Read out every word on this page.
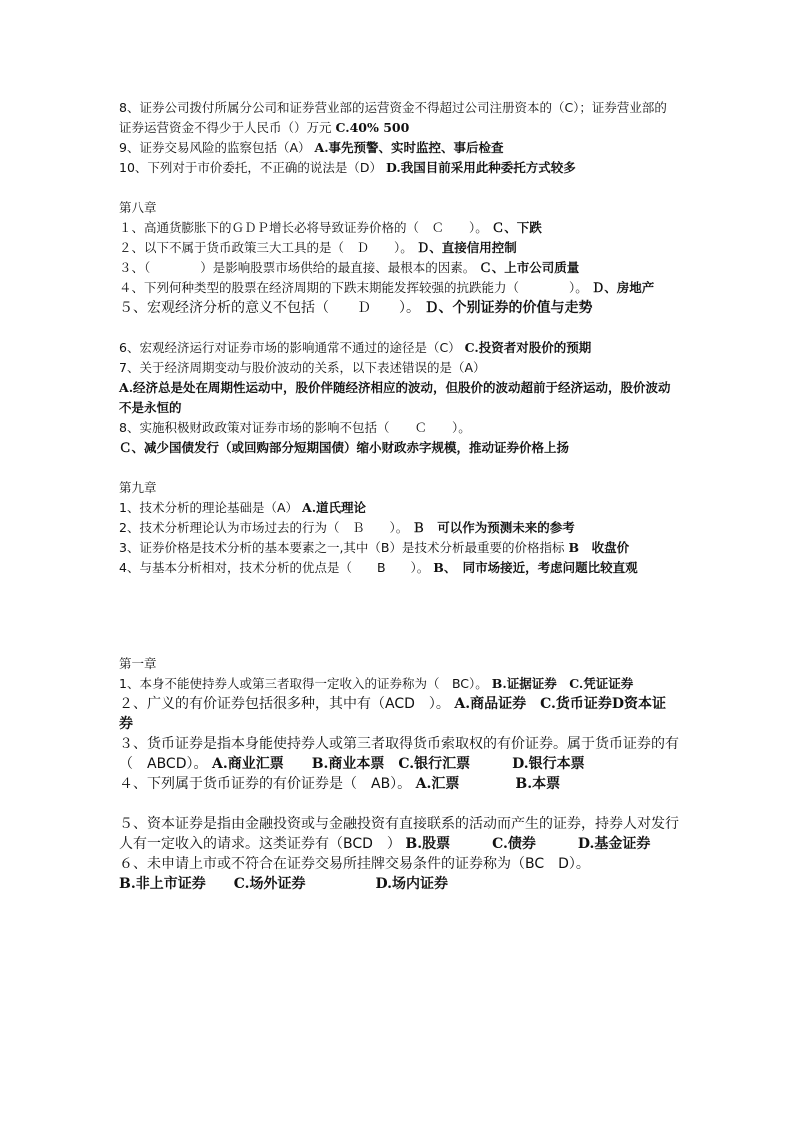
8、证券公司拨付所属分公司和证券营业部的运营资金不得超过公司注册资本的（C）；证券营业部的证券运营资金不得少于人民币（）万元 C.40% 500

9、证券交易风险的监察包括（A） A.事先预警、实时监控、事后检查

10、下列对于市价委托，不正确的说法是（D） D.我国目前采用此种委托方式较多

第八章

１、高通货膨胀下的ＧＤＰ增长必将导致证券价格的（　Ｃ　　）。 Ｃ、下跌

２、以下不属于货币政策三大工具的是（　Ｄ　　）。 Ｄ、直接信用控制

３、（　　　　）是影响股票市场供给的最直接、最根本的因素。 Ｃ、上市公司质量

４、下列何种类型的股票在经济周期的下跌末期能发挥较强的抗跌能力（　　　　）。 Ｄ、房地产

５、宏观经济分析的意义不包括（　　Ｄ　　）。 Ｄ、个别证券的价值与走势

6、宏观经济运行对证券市场的影响通常不通过的途径是（C） C.投资者对股价的预期

7、关于经济周期变动与股价波动的关系，以下表述错误的是（A）

A.经济总是处在周期性运动中，股价伴随经济相应的波动，但股价的波动超前于经济运动，股价波动不是永恒的

8、实施积极财政政策对证券市场的影响不包括（　　Ｃ　　）。

Ｃ、减少国债发行（或回购部分短期国债）缩小财政赤字规模，推动证券价格上扬

第九章

1、技术分析的理论基础是（A） A.道氏理论

2、技术分析理论认为市场过去的行为（　Ｂ　　）。 Ｂ　可以作为预测未来的参考

3、证券价格是技术分析的基本要素之一,其中（B）是技术分析最重要的价格指标 B　收盘价

4、与基本分析相对，技术分析的优点是（　　B　　）。 B、　同市场接近，考虑问题比较直观

第一章

1、本身不能使持券人或第三者取得一定收入的证券称为（　BC）。 B.证据证券　C.凭证证券

２、广义的有价证券包括很多种，其中有（ACD　）。 A.商品证券　C.货币证券D资本证券

３、货币证券是指本身能使持券人或第三者取得货币索取权的有价证券。属于货币证券的有（　ABCD）。 A.商业汇票　　B.商业本票　C.银行汇票　　　D.银行本票

４、下列属于货币证券的有价证券是（　AB）。 A.汇票　　　　B.本票

５、资本证券是指由金融投资或与金融投资有直接联系的活动而产生的证券，持券人对发行人有一定收入的请求。这类证券有（BCD　） B.股票　　　C.债券　　　D.基金证券

６、未申请上市或不符合在证券交易所挂牌交易条件的证券称为（BC　D）。

B.非上市证券　　C.场外证券　　　　　D.场内证券
